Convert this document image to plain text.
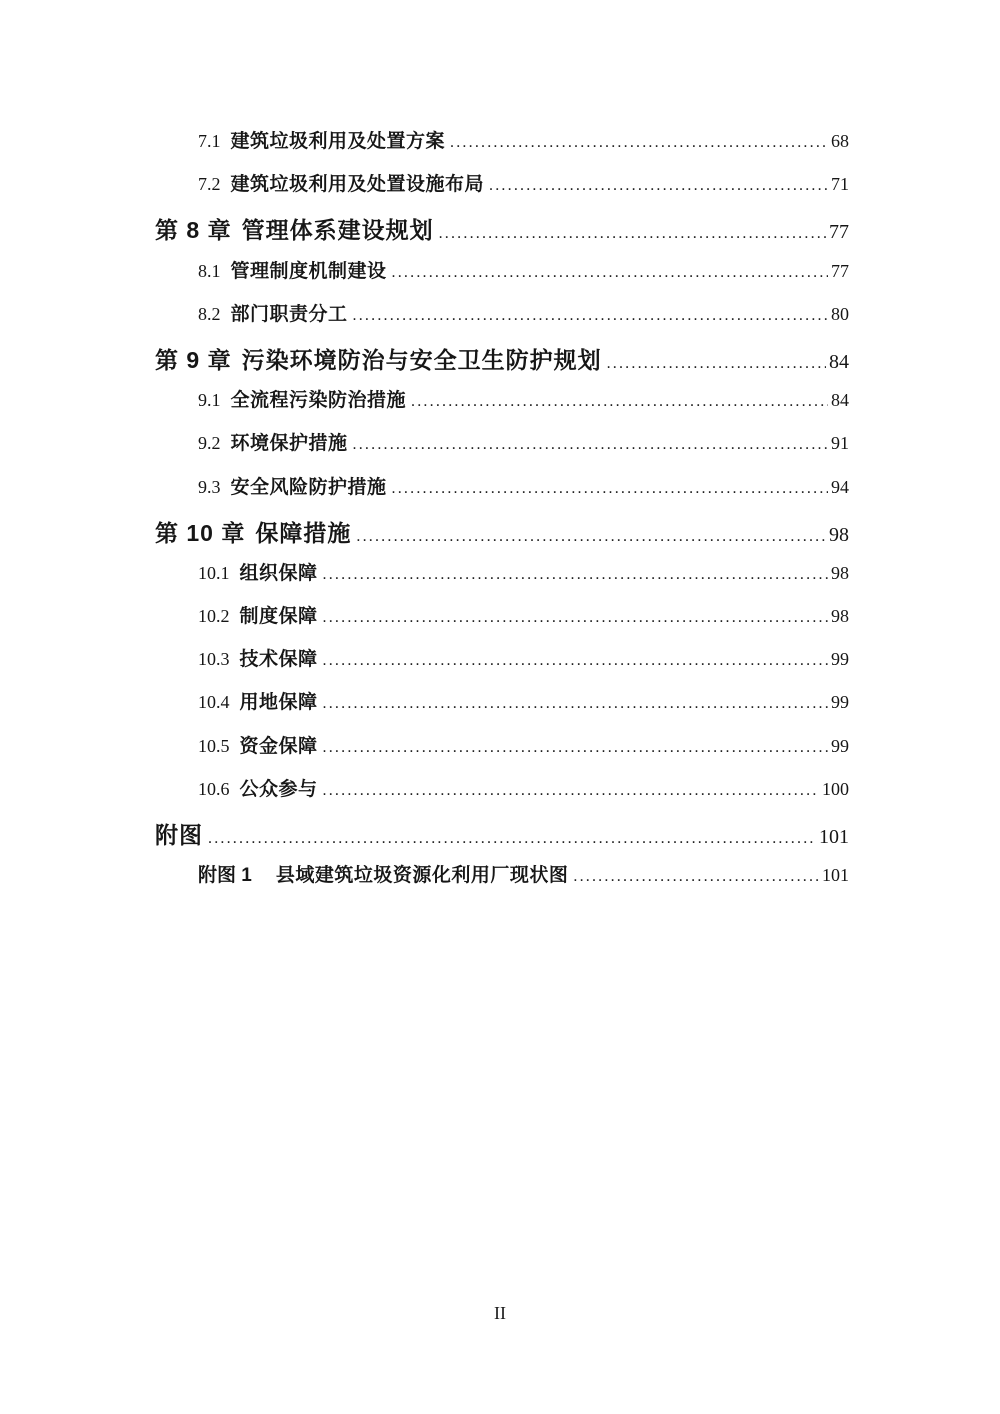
7.1 建筑垃圾利用及处置方案 .....	68
7.2 建筑垃圾利用及处置设施布局 .....	71
第 8 章 管理体系建设规划 .....	77
8.1 管理制度机制建设 .....	77
8.2 部门职责分工 .....	80
第 9 章 污染环境防治与安全卫生防护规划 .....	84
9.1 全流程污染防治措施 .....	84
9.2 环境保护措施 .....	91
9.3 安全风险防护措施 .....	94
第 10 章 保障措施 .....	98
10.1 组织保障 .....	98
10.2 制度保障 .....	98
10.3 技术保障 .....	99
10.4 用地保障 .....	99
10.5 资金保障 .....	99
10.6 公众参与 .....	100
附图 .....	101
附图 1 县域建筑垃圾资源化利用厂现状图 .....	101
II
